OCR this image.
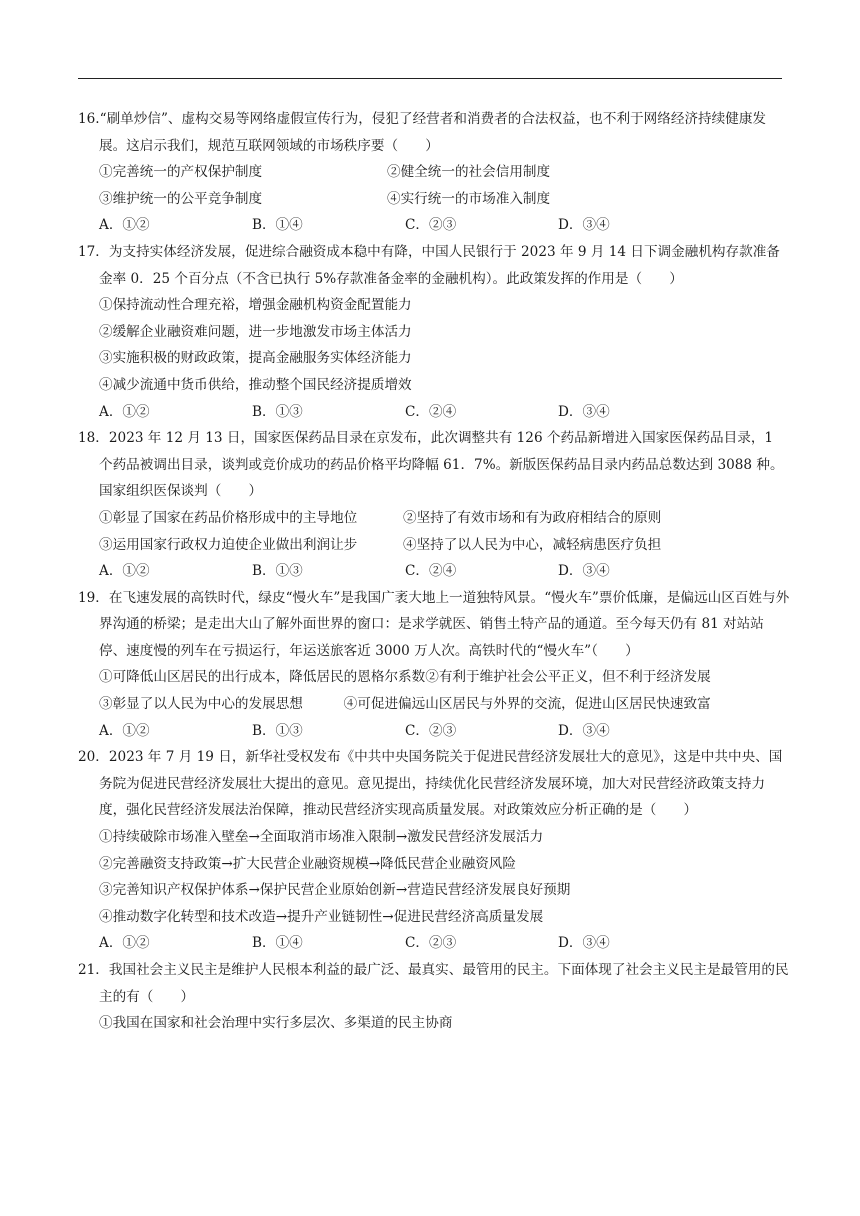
16.“刷单炒信”、虚构交易等网络虚假宣传行为，侵犯了经营者和消费者的合法权益，也不利于网络经济持续健康发展。这启示我们，规范互联网领域的市场秩序要（　　）

①完善统一的产权保护制度	②健全统一的社会信用制度
③维护统一的公平竞争制度	④实行统一的市场准入制度
A．①②	B．①④	C．②③	D．③④

17．为支持实体经济发展，促进综合融资成本稳中有降，中国人民银行于 2023 年 9 月 14 日下调金融机构存款准备金率 0．25 个百分点（不含已执行 5%存款准备金率的金融机构）。此政策发挥的作用是（　　）

①保持流动性合理充裕，增强金融机构资金配置能力

②缓解企业融资难问题，进一步地激发市场主体活力

③实施积极的财政政策，提高金融服务实体经济能力

④减少流通中货币供给，推动整个国民经济提质增效

A．①②	B．①③	C．②④	D．③④

18．2023 年 12 月 13 日，国家医保药品目录在京发布，此次调整共有 126 个药品新增进入国家医保药品目录，1 个药品被调出目录，谈判或竞价成功的药品价格平均降幅 61．7%。新版医保药品目录内药品总数达到 3088 种。国家组织医保谈判（　　）

①彰显了国家在药品价格形成中的主导地位	②坚持了有效市场和有为政府相结合的原则
③运用国家行政权力迫使企业做出利润让步	④坚持了以人民为中心，减轻病患医疗负担
A．①②	B．①③	C．②④	D．③④

19．在飞速发展的高铁时代，绿皮“慢火车”是我国广袤大地上一道独特风景。“慢火车”票价低廉，是偏远山区百姓与外界沟通的桥梁；是走出大山了解外面世界的窗口：是求学就医、销售土特产品的通道。至今每天仍有 81 对站站停、速度慢的列车在亏损运行，年运送旅客近 3000 万人次。高铁时代的“慢火车”（　　）

①可降低山区居民的出行成本，降低居民的恩格尔系数②有利于维护社会公平正义，但不利于经济发展

③彰显了以人民为中心的发展思想　　　④可促进偏远山区居民与外界的交流，促进山区居民快速致富

A．①②	B．①③	C．②③	D．③④

20．2023 年 7 月 19 日，新华社受权发布《中共中央国务院关于促进民营经济发展壮大的意见》，这是中共中央、国 务院为促进民营经济发展壮大提出的意见。意见提出，持续优化民营经济发展环境，加大对民营经济政策支持力度，强化民营经济发展法治保障，推动民营经济实现高质量发展。对政策效应分析正确的是（　　）

①持续破除市场准入壁垒→全面取消市场准入限制→激发民营经济发展活力

②完善融资支持政策→扩大民营企业融资规模→降低民营企业融资风险

③完善知识产权保护体系→保护民营企业原始创新→营造民营经济发展良好预期

④推动数字化转型和技术改造→提升产业链韧性→促进民营经济高质量发展

A．①②	B．①④	C．②③	D．③④

21．我国社会主义民主是维护人民根本利益的最广泛、最真实、最管用的民主。下面体现了社会主义民主是最管用的民主的有（　　）

①我国在国家和社会治理中实行多层次、多渠道的民主协商
